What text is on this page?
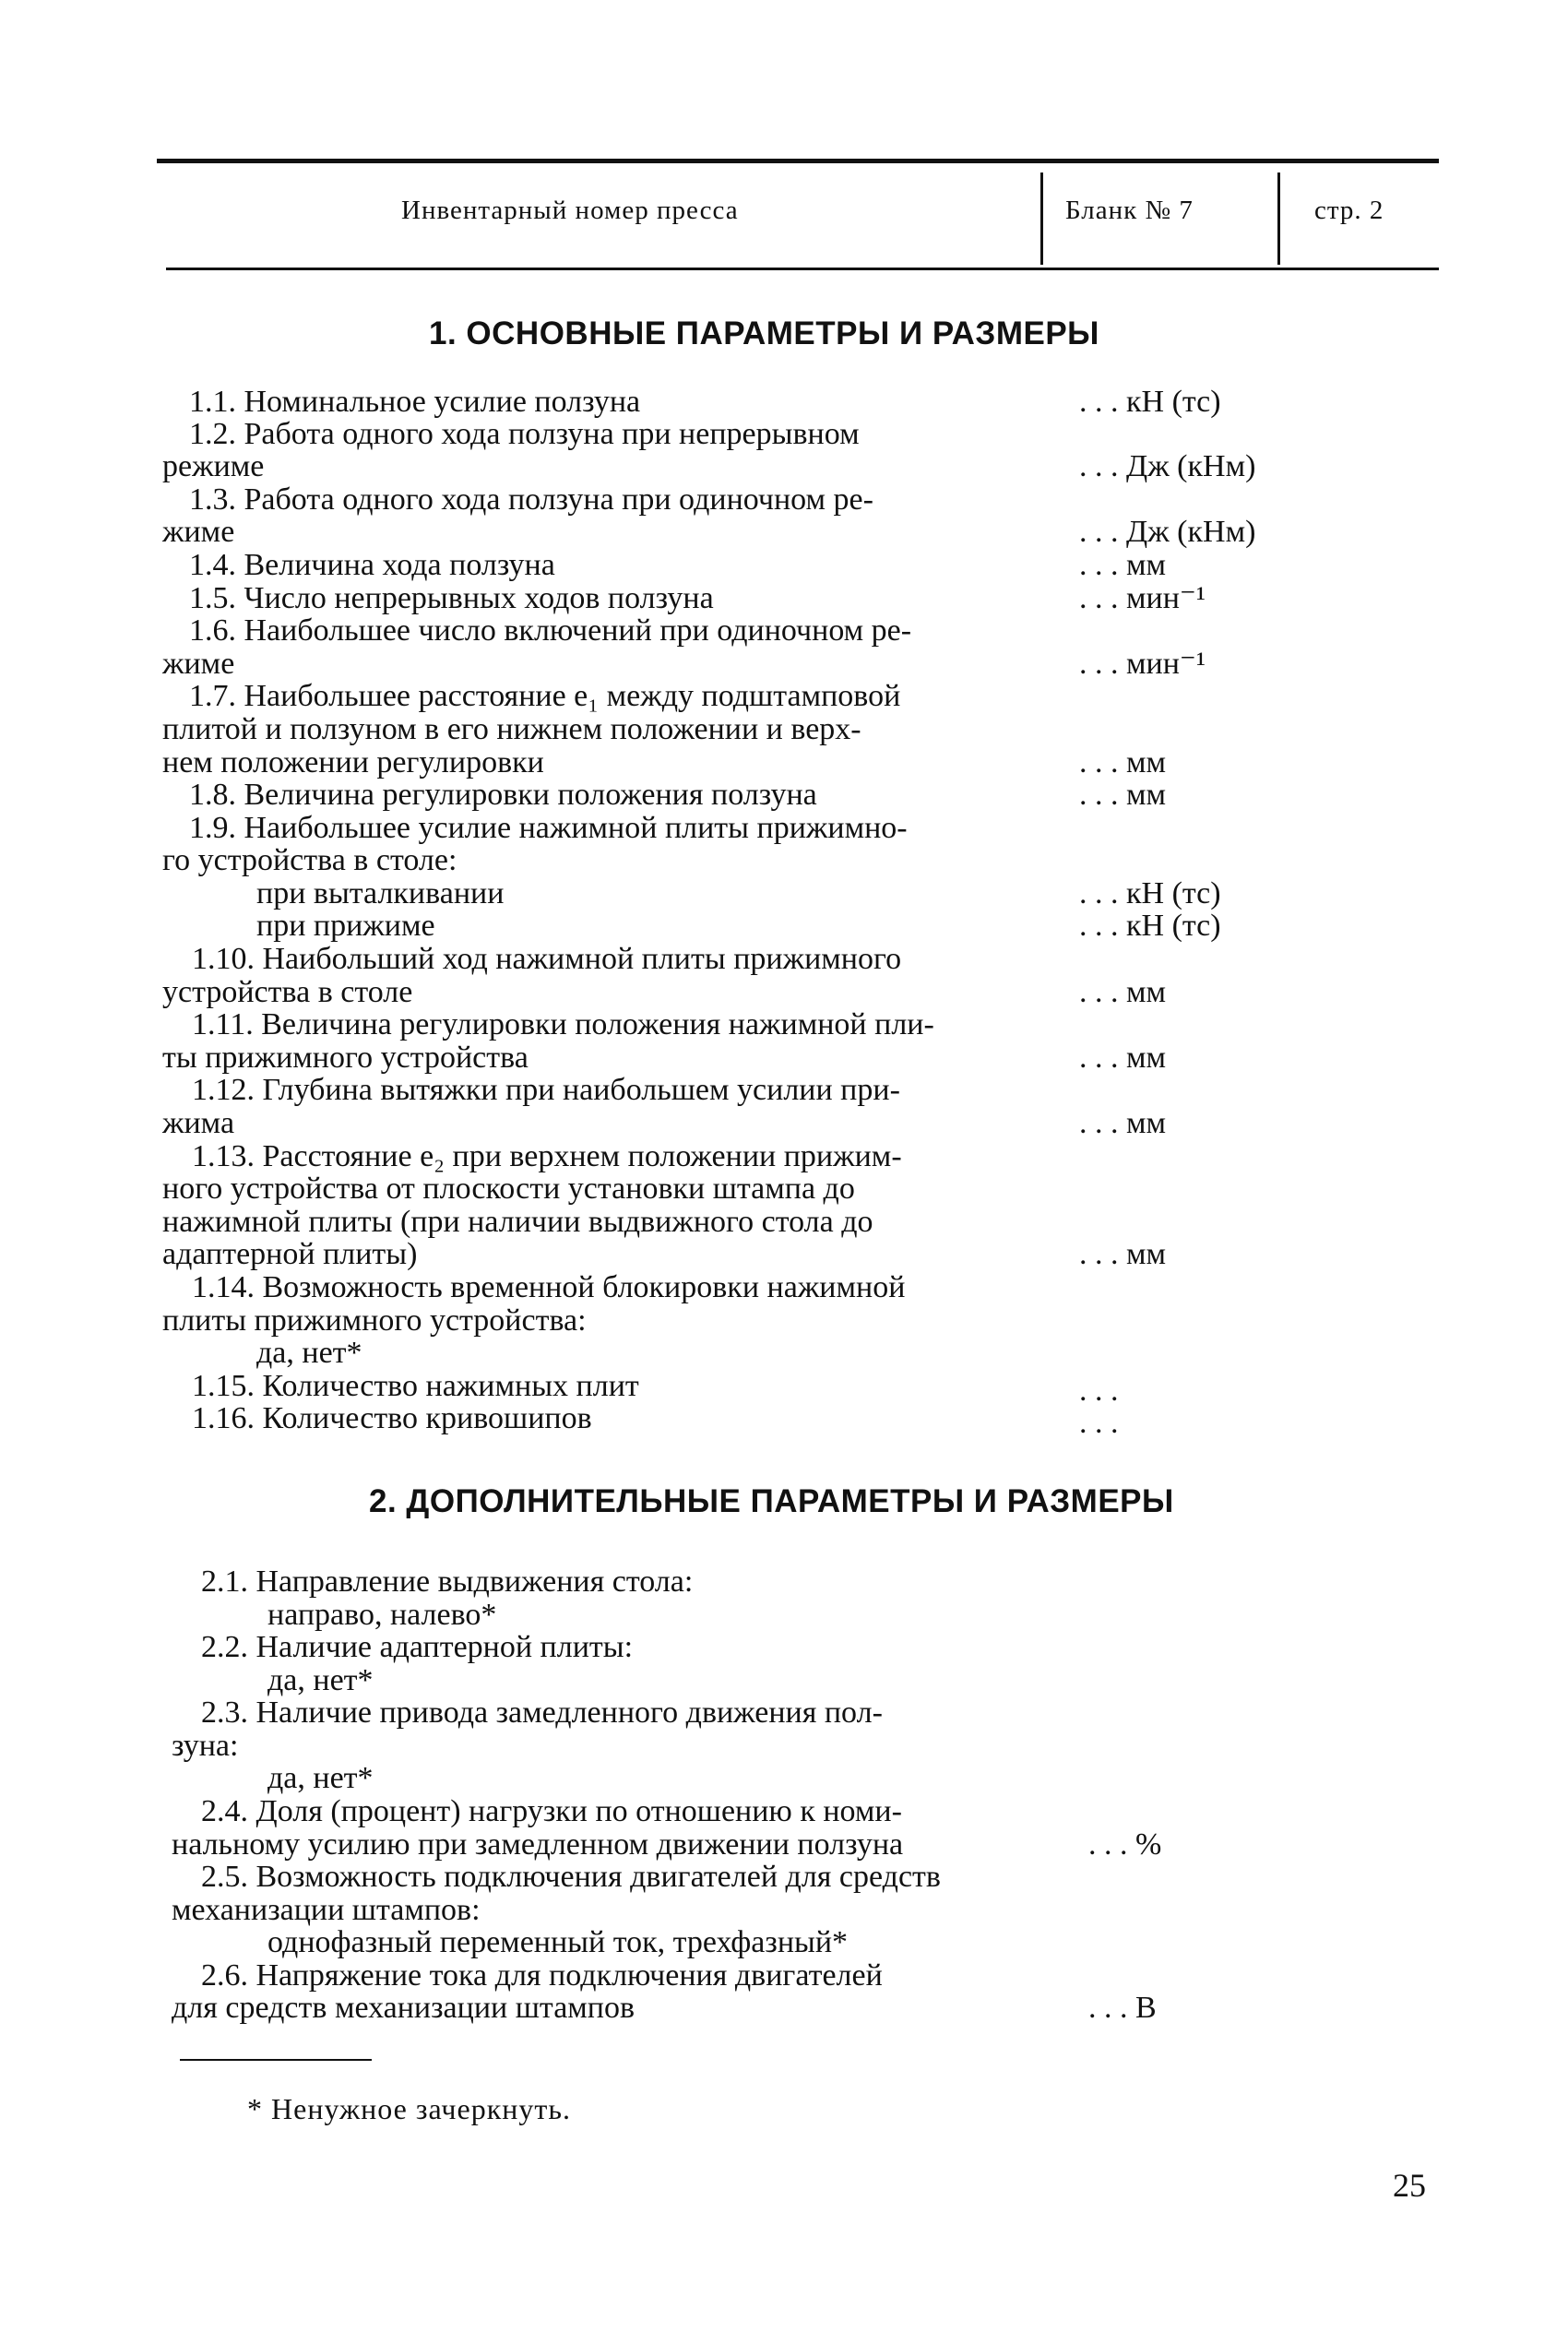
Инвентарный номер пресса	Бланк № 7	стр. 2
1. ОСНОВНЫЕ ПАРАМЕТРЫ И РАЗМЕРЫ
1.1. Номинальное усилие ползуна
1.2. Работа одного хода ползуна при непрерывном
режиме
1.3. Работа одного хода ползуна при одиночном ре-
жиме
1.4. Величина хода ползуна
1.5. Число непрерывных ходов ползуна
1.6. Наибольшее число включений при одиночном ре-
жиме
1.7. Наибольшее расстояние e₁ между подштамповой
плитой и ползуном в его нижнем положении и верх-
нем положении регулировки
1.8. Величина регулировки положения ползуна
1.9. Наибольшее усилие нажимной плиты прижимно-
го устройства в столе:
при выталкивании
при прижиме
1.10. Наибольший ход нажимной плиты прижимного
устройства в столе
1.11. Величина регулировки положения нажимной пли-
ты прижимного устройства
1.12. Глубина вытяжки при наибольшем усилии при-
жима
1.13. Расстояние e₂ при верхнем положении прижим-
ного устройства от плоскости установки штампа до
нажимной плиты (при наличии выдвижного стола до
адаптерной плиты)
1.14. Возможность временной блокировки нажимной
плиты прижимного устройства:
да, нет*
1.15. Количество нажимных плит
1.16. Количество кривошипов
. . . кН (тс)
. . . Дж (кНм)
. . . Дж (кНм)
. . . мм
. . . мин⁻¹
. . . мин⁻¹
. . . мм
. . . мм
. . . кН (тс)
. . . кН (тс)
. . . мм
. . . мм
. . . мм
. . . мм
. . .
. . .
2. ДОПОЛНИТЕЛЬНЫЕ ПАРАМЕТРЫ И РАЗМЕРЫ
2.1. Направление выдвижения стола:
направо, налево*
2.2. Наличие адаптерной плиты:
да, нет*
2.3. Наличие привода замедленного движения пол-
зуна:
да, нет*
2.4. Доля (процент) нагрузки по отношению к номи-
нальному усилию при замедленном движении ползуна
2.5. Возможность подключения двигателей для средств
механизации штампов:
однофазный переменный ток, трехфазный*
2.6. Напряжение тока для подключения двигателей
для средств механизации штампов
. . . %
. . . В
* Ненужное зачеркнуть.
25
